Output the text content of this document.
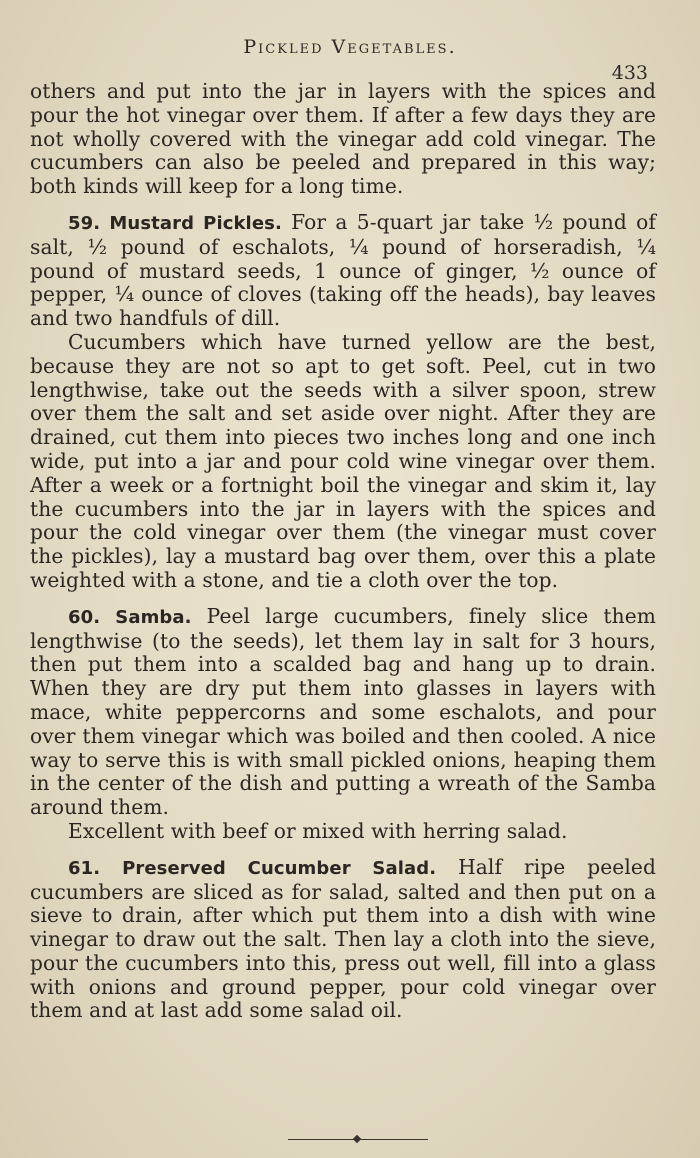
Pickled Vegetables.
433

others and put into the jar in layers with the spices and pour the hot vinegar over them. If after a few days they are not wholly covered with the vinegar add cold vinegar. The cucumbers can also be peeled and prepared in this way; both kinds will keep for a long time.

59. Mustard Pickles. For a 5-quart jar take ½ pound of salt, ½ pound of eschalots, ¼ pound of horseradish, ¼ pound of mustard seeds, 1 ounce of ginger, ½ ounce of pepper, ¼ ounce of cloves (taking off the heads), bay leaves and two handfuls of dill.

Cucumbers which have turned yellow are the best, because they are not so apt to get soft. Peel, cut in two lengthwise, take out the seeds with a silver spoon, strew over them the salt and set aside over night. After they are drained, cut them into pieces two inches long and one inch wide, put into a jar and pour cold wine vinegar over them. After a week or a fortnight boil the vinegar and skim it, lay the cucumbers into the jar in layers with the spices and pour the cold vinegar over them (the vinegar must cover the pickles), lay a mustard bag over them, over this a plate weighted with a stone, and tie a cloth over the top.

60. Samba. Peel large cucumbers, finely slice them lengthwise (to the seeds), let them lay in salt for 3 hours, then put them into a scalded bag and hang up to drain. When they are dry put them into glasses in layers with mace, white peppercorns and some eschalots, and pour over them vinegar which was boiled and then cooled. A nice way to serve this is with small pickled onions, heaping them in the center of the dish and putting a wreath of the Samba around them.

Excellent with beef or mixed with herring salad.

61. Preserved Cucumber Salad. Half ripe peeled cucumbers are sliced as for salad, salted and then put on a sieve to drain, after which put them into a dish with wine vinegar to draw out the salt. Then lay a cloth into the sieve, pour the cucumbers into this, press out well, fill into a glass with onions and ground pepper, pour cold vinegar over them and at last add some salad oil.
